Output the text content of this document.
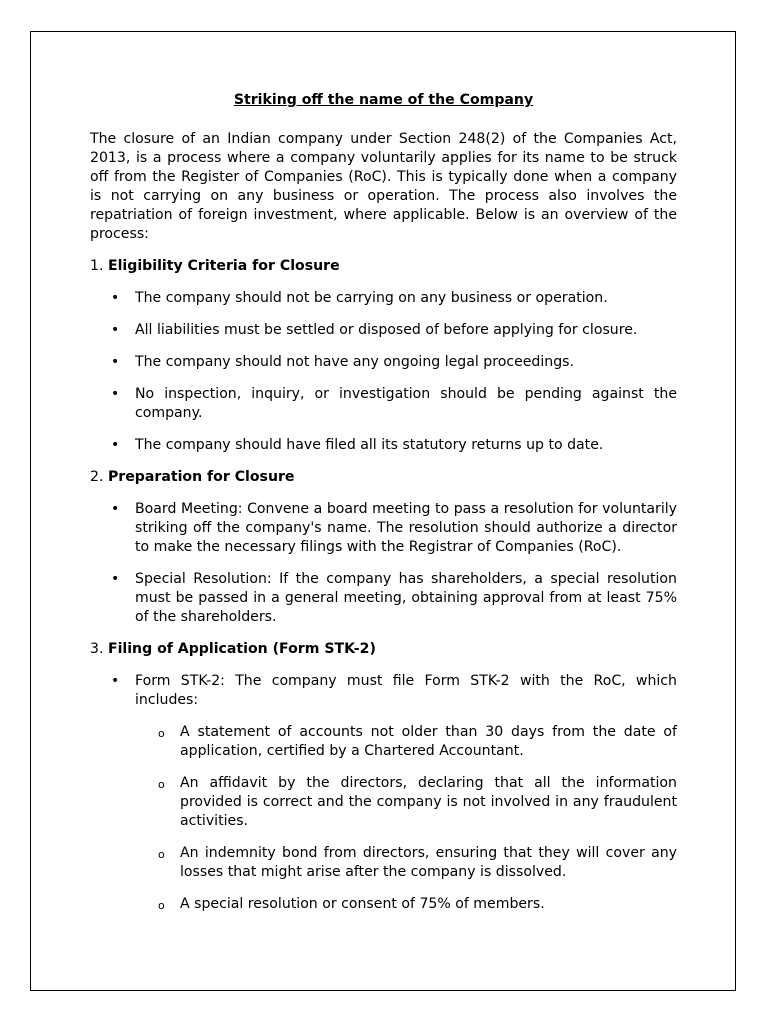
Striking off the name of the Company

The closure of an Indian company under Section 248(2) of the Companies Act, 2013, is a process where a company voluntarily applies for its name to be struck off from the Register of Companies (RoC). This is typically done when a company is not carrying on any business or operation. The process also involves the repatriation of foreign investment, where applicable. Below is an overview of the process:

1. Eligibility Criteria for Closure
• The company should not be carrying on any business or operation.
• All liabilities must be settled or disposed of before applying for closure.
• The company should not have any ongoing legal proceedings.
• No inspection, inquiry, or investigation should be pending against the company.
• The company should have filed all its statutory returns up to date.
2. Preparation for Closure
• Board Meeting: Convene a board meeting to pass a resolution for voluntarily striking off the company's name. The resolution should authorize a director to make the necessary filings with the Registrar of Companies (RoC).
• Special Resolution: If the company has shareholders, a special resolution must be passed in a general meeting, obtaining approval from at least 75% of the shareholders.
3. Filing of Application (Form STK-2)
• Form STK-2: The company must file Form STK-2 with the RoC, which includes:
o A statement of accounts not older than 30 days from the date of application, certified by a Chartered Accountant.
o An affidavit by the directors, declaring that all the information provided is correct and the company is not involved in any fraudulent activities.
o An indemnity bond from directors, ensuring that they will cover any losses that might arise after the company is dissolved.
o A special resolution or consent of 75% of members.
